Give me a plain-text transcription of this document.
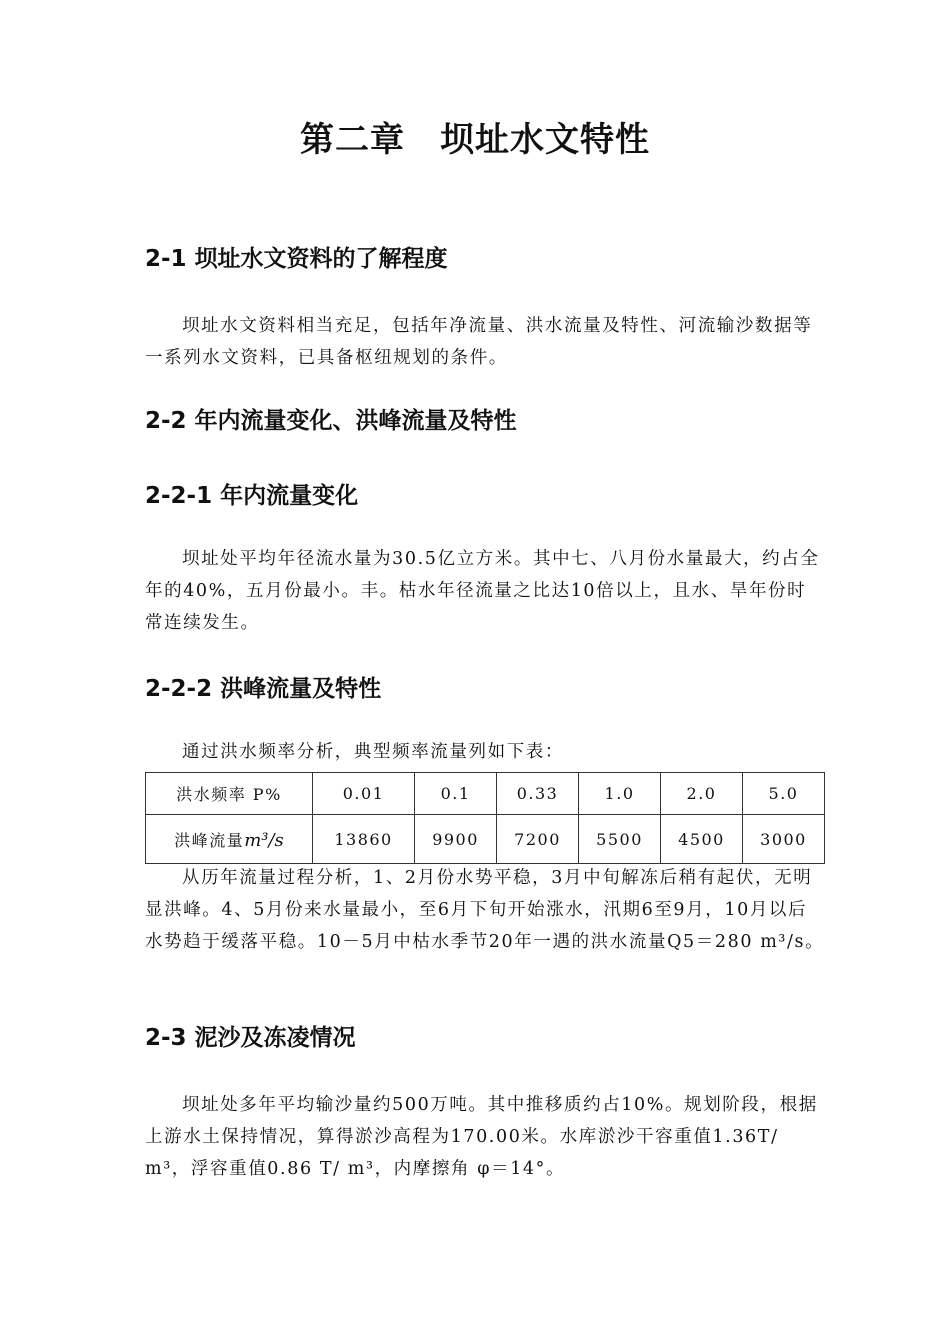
第二章　坝址水文特性
2-1 坝址水文资料的了解程度

坝址水文资料相当充足，包括年净流量、洪水流量及特性、河流输沙数据等一系列水文资料，已具备枢纽规划的条件。

2-2 年内流量变化、洪峰流量及特性
2-2-1 年内流量变化

坝址处平均年径流水量为30.5亿立方米。其中七、八月份水量最大，约占全年的40%，五月份最小。丰。枯水年径流量之比达10倍以上，且水、旱年份时常连续发生。

2-2-2 洪峰流量及特性
通过洪水频率分析，典型频率流量列如下表：
洪水频率 P%	0.01	0.1	0.33	1.0	2.0	5.0
洪峰流量m³/s	13860	9900	7200	5500	4500	3000

从历年流量过程分析，1、2月份水势平稳，3月中旬解冻后稍有起伏，无明显洪峰。4、5月份来水量最小，至6月下旬开始涨水，汛期6至9月，10月以后水势趋于缓落平稳。10－5月中枯水季节20年一遇的洪水流量Q5＝280 m³/s。

2-3 泥沙及冻凌情况

坝址处多年平均输沙量约500万吨。其中推移质约占10%。规划阶段，根据上游水土保持情况，算得淤沙高程为170.00米。水库淤沙干容重值1.36T/ m³，浮容重值0.86 T/ m³，内摩擦角 φ＝14°。
